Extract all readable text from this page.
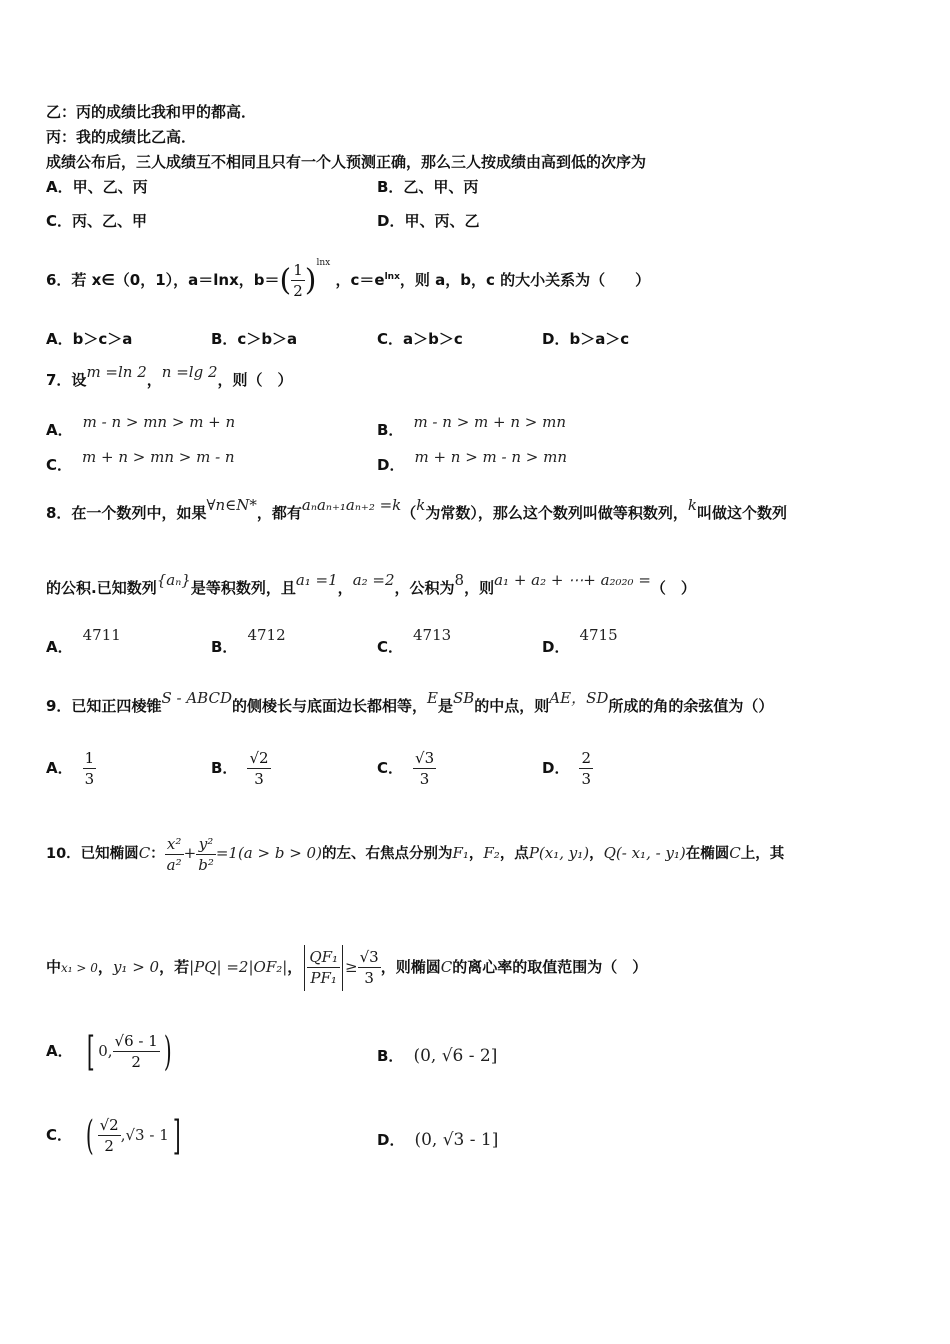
乙：丙的成绩比我和甲的都高．
丙：我的成绩比乙高．
成绩公布后，三人成绩互不相同且只有一个人预测正确，那么三人按成绩由高到低的次序为
A．甲、乙、丙	B．乙、甲、丙
C．丙、乙、甲	D．甲、丙、乙
6．若 x∈（0，1），a＝lnx，$b=( \frac{1}{2} )^{lnx}$ ，$c=e^{lnx}$，则 a，b，c 的大小关系为（　　）
A．b＞c＞a	B．c＞b＞a	C．a＞b＞c	D．b＞a＞c
7．设m =ln 2，n =lg 2，则（　）
A． m - n > mn > m + n	B． m - n > m + n > mn
C． m + n > mn > m - n	D． m + n > m - n > mn
8．在一个数列中，如果∀n∈N*，都有aₙaₙ₊₁aₙ₊₂ =k（k为常数），那么这个数列叫做等积数列，k叫做这个数列
的公积.已知数列{aₙ}是等积数列，且a₁ =1，a₂ =2，公积为8，则a₁ + a₂ + ⋯+ a₂₀₂₀ =（　）
A．4711
B．4712
C．4713
D．4715
9．已知正四棱锥S - ABCD的侧棱长与底面边长都相等，E是SB的中点，则AE，SD所成的角的余弦值为（）
A． $\frac{1}{3}$	B． $\frac{√2}{3}$	C． $\frac{√3}{3}$	D． $\frac{2}{3}$
10．已知椭圆C： $\frac{\text{x²}}{\text{a²}} + \frac{\text{y²}}{\text{b²}} =1(a > b > 0)$的左、右焦点分别为F₁，F₂，点P(x₁, y₁)，Q(- x₁, - y₁)在椭圆C上，其
中x₁ > 0，y₁ > 0，若|PQ| =2|OF₂|， $\frac{\text{QF₁}}{\text{PF₁}} \ge \frac{√3}{3}$ ，则椭圆C的离心率的取值范围为（　）
A． [ 0, $\frac{√6 - 1}{2}$ )	B． (0, √6 - 2]
C． ( $\frac{√2}{2} ,√3 - 1$]	D． (0, √3 - 1]
